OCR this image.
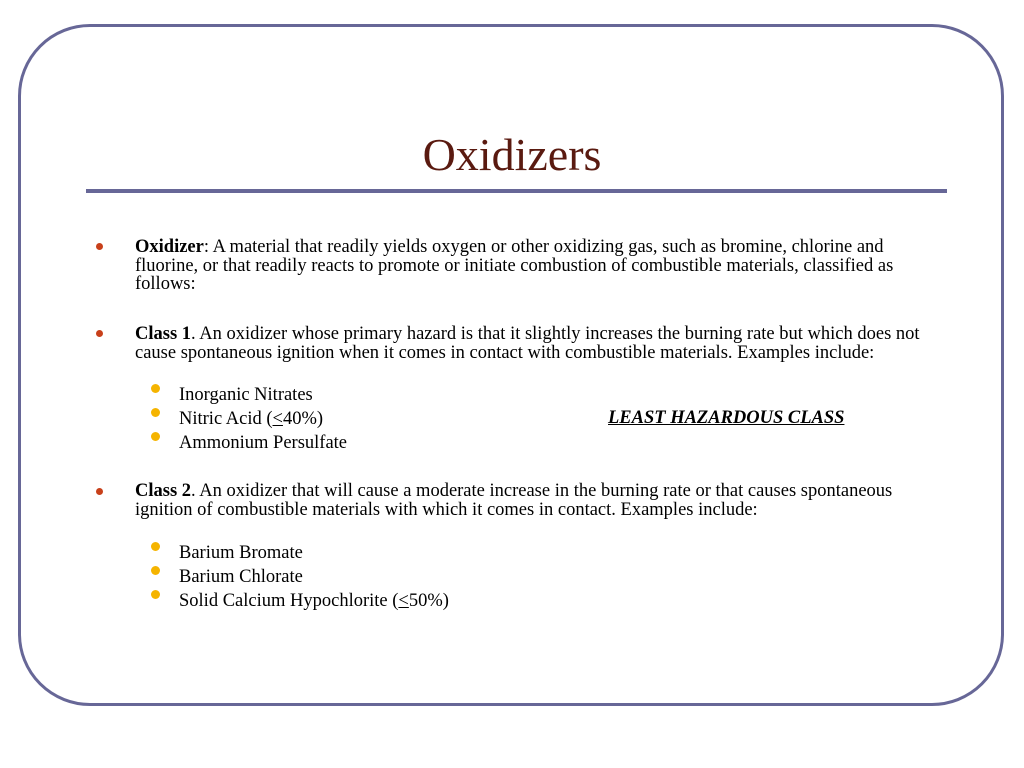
Oxidizers
Oxidizer: A material that readily yields oxygen or other oxidizing gas, such as bromine, chlorine and fluorine, or that readily reacts to promote or initiate combustion of combustible materials, classified as follows:
Class 1. An oxidizer whose primary hazard is that it slightly increases the burning rate but which does not cause spontaneous ignition when it comes in contact with combustible materials. Examples include:
Inorganic Nitrates
Nitric Acid (≤40%)	LEAST HAZARDOUS CLASS
Ammonium Persulfate
Class 2. An oxidizer that will cause a moderate increase in the burning rate or that causes spontaneous ignition of combustible materials with which it comes in contact. Examples include:
Barium Bromate
Barium Chlorate
Solid Calcium Hypochlorite (≤50%)
